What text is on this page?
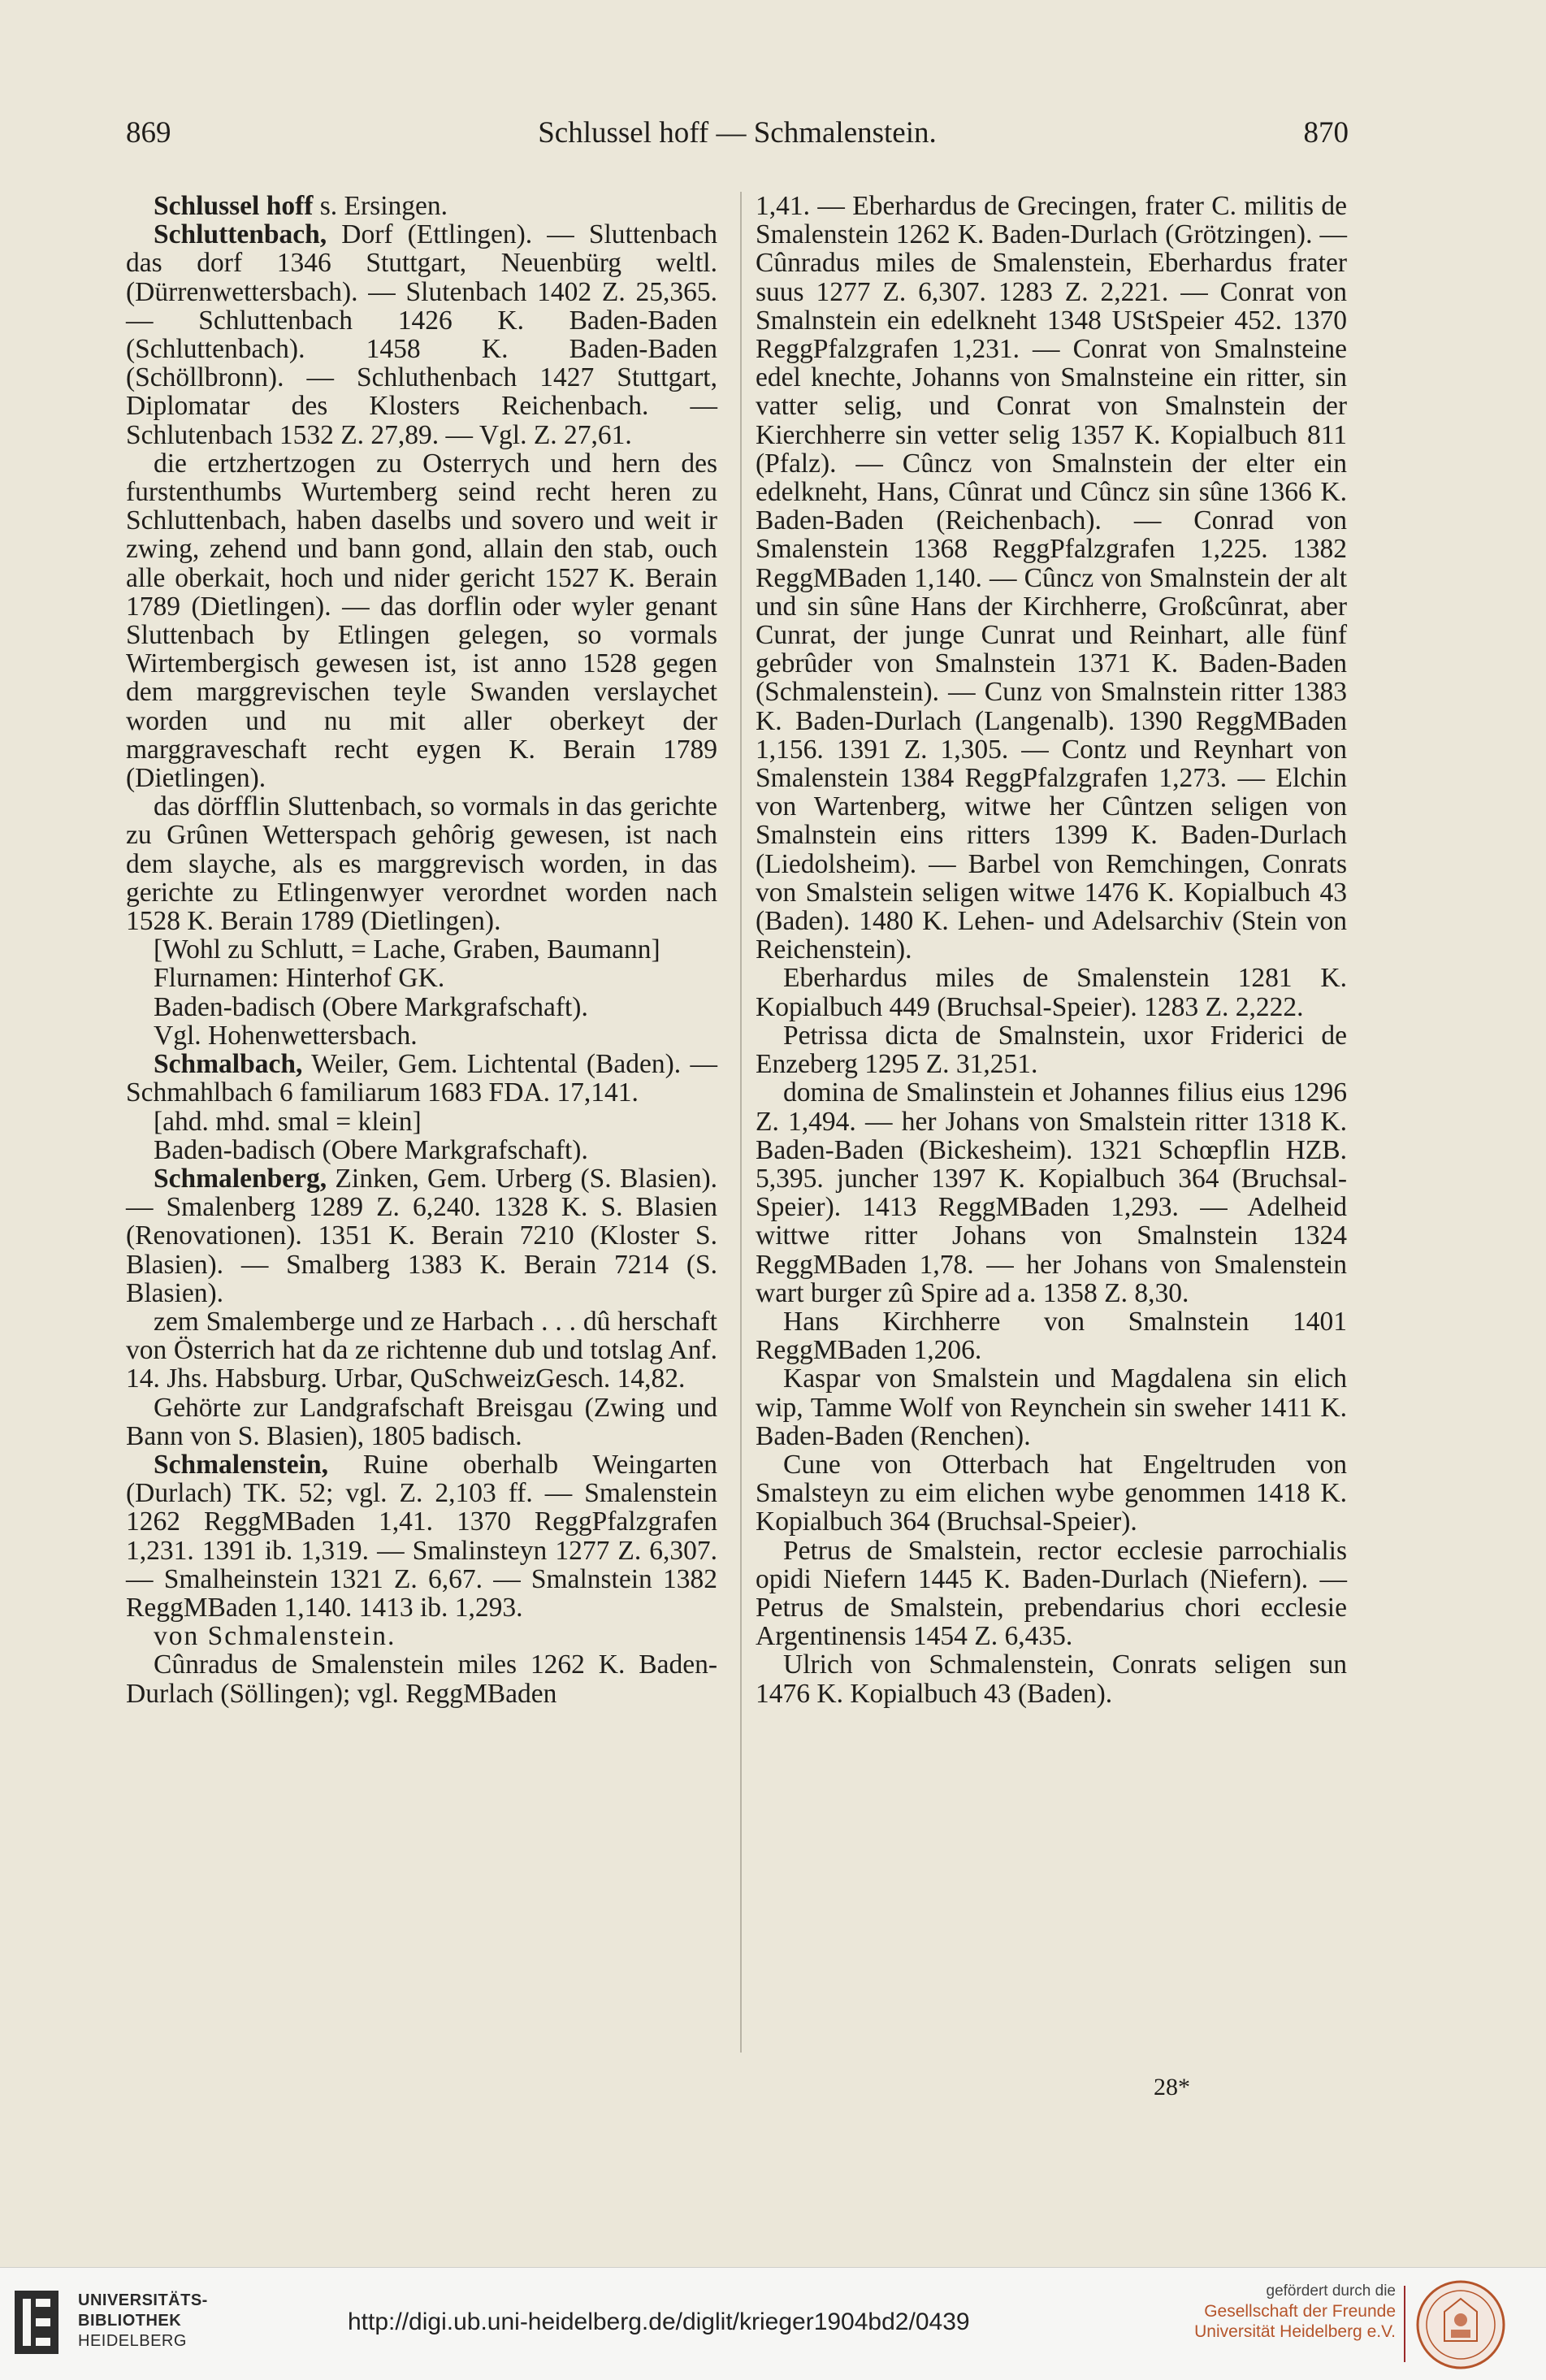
869	Schlussel hoff — Schmalenstein.	870

Schlussel hoff s. Ersingen.

Schluttenbach, Dorf (Ettlingen). — Sluttenbach das dorf 1346 Stuttgart, Neuenbürg weltl. (Dürrenwettersbach). — Slutenbach 1402 Z. 25,365. — Schluttenbach 1426 K. Baden-Baden (Schluttenbach). 1458 K. Baden-Baden (Schöllbronn). — Schluthenbach 1427 Stuttgart, Diplomatar des Klosters Reichenbach. — Schlutenbach 1532 Z. 27,89. — Vgl. Z. 27,61.

die ertzhertzogen zu Osterrych und hern des furstenthumbs Wurtemberg seind recht heren zu Schluttenbach, haben daselbs und sovero und weit ir zwing, zehend und bann gond, allain den stab, ouch alle oberkait, hoch und nider gericht 1527 K. Berain 1789 (Dietlingen). — das dorflin oder wyler genant Sluttenbach by Etlingen gelegen, so vormals Wirtembergisch gewesen ist, ist anno 1528 gegen dem marggrevischen teyle Swanden verslaychet worden und nu mit aller oberkeyt der marggraveschaft recht eygen K. Berain 1789 (Dietlingen).

das dörfflin Sluttenbach, so vormals in das gerichte zu Grûnen Wetterspach gehôrig gewesen, ist nach dem slayche, als es marggrevisch worden, in das gerichte zu Etlingenwyer verordnet worden nach 1528 K. Berain 1789 (Dietlingen).

[Wohl zu Schlutt, = Lache, Graben, Baumann]

Flurnamen: Hinterhof GK.

Baden-badisch (Obere Markgrafschaft).

Vgl. Hohenwettersbach.

Schmalbach, Weiler, Gem. Lichtental (Baden). — Schmahlbach 6 familiarum 1683 FDA. 17,141.

[ahd. mhd. smal = klein]

Baden-badisch (Obere Markgrafschaft).

Schmalenberg, Zinken, Gem. Urberg (S. Blasien). — Smalenberg 1289 Z. 6,240. 1328 K. S. Blasien (Renovationen). 1351 K. Berain 7210 (Kloster S. Blasien). — Smalberg 1383 K. Berain 7214 (S. Blasien).

zem Smalemberge und ze Harbach . . . dû herschaft von Österrich hat da ze richtenne dub und totslag Anf. 14. Jhs. Habsburg. Urbar, QuSchweizGesch. 14,82.

Gehörte zur Landgrafschaft Breisgau (Zwing und Bann von S. Blasien), 1805 badisch.

Schmalenstein, Ruine oberhalb Weingarten (Durlach) TK. 52; vgl. Z. 2,103 ff. — Smalenstein 1262 ReggMBaden 1,41. 1370 ReggPfalzgrafen 1,231. 1391 ib. 1,319. — Smalinsteyn 1277 Z. 6,307. — Smalheinstein 1321 Z. 6,67. — Smalnstein 1382 ReggMBaden 1,140. 1413 ib. 1,293.

von Schmalenstein.

Cûnradus de Smalenstein miles 1262 K. Baden-Durlach (Söllingen); vgl. ReggMBaden

1,41. — Eberhardus de Grecingen, frater C. militis de Smalenstein 1262 K. Baden-Durlach (Grötzingen). — Cûnradus miles de Smalenstein, Eberhardus frater suus 1277 Z. 6,307. 1283 Z. 2,221. — Conrat von Smalnstein ein edelkneht 1348 UStSpeier 452. 1370 ReggPfalzgrafen 1,231. — Conrat von Smalnsteine edel knechte, Johanns von Smalnsteine ein ritter, sin vatter selig, und Conrat von Smalnstein der Kierchherre sin vetter selig 1357 K. Kopialbuch 811 (Pfalz). — Cûncz von Smalnstein der elter ein edelkneht, Hans, Cûnrat und Cûncz sin sûne 1366 K. Baden-Baden (Reichenbach). — Conrad von Smalenstein 1368 ReggPfalzgrafen 1,225. 1382 ReggMBaden 1,140. — Cûncz von Smalnstein der alt und sin sûne Hans der Kirchherre, Großcûnrat, aber Cunrat, der junge Cunrat und Reinhart, alle fünf gebrûder von Smalnstein 1371 K. Baden-Baden (Schmalenstein). — Cunz von Smalnstein ritter 1383 K. Baden-Durlach (Langenalb). 1390 ReggMBaden 1,156. 1391 Z. 1,305. — Contz und Reynhart von Smalenstein 1384 ReggPfalzgrafen 1,273. — Elchin von Wartenberg, witwe her Cûntzen seligen von Smalnstein eins ritters 1399 K. Baden-Durlach (Liedolsheim). — Barbel von Remchingen, Conrats von Smalstein seligen witwe 1476 K. Kopialbuch 43 (Baden). 1480 K. Lehen- und Adelsarchiv (Stein von Reichenstein).

Eberhardus miles de Smalenstein 1281 K. Kopialbuch 449 (Bruchsal-Speier). 1283 Z. 2,222.

Petrissa dicta de Smalnstein, uxor Friderici de Enzeberg 1295 Z. 31,251.

domina de Smalinstein et Johannes filius eius 1296 Z. 1,494. — her Johans von Smalstein ritter 1318 K. Baden-Baden (Bickesheim). 1321 Schœpflin HZB. 5,395. juncher 1397 K. Kopialbuch 364 (Bruchsal-Speier). 1413 ReggMBaden 1,293. — Adelheid wittwe ritter Johans von Smalnstein 1324 ReggMBaden 1,78. — her Johans von Smalenstein wart burger zû Spire ad a. 1358 Z. 8,30.

Hans Kirchherre von Smalnstein 1401 ReggMBaden 1,206.

Kaspar von Smalstein und Magdalena sin elich wip, Tamme Wolf von Reynchein sin sweher 1411 K. Baden-Baden (Renchen).

Cune von Otterbach hat Engeltruden von Smalsteyn zu eim elichen wybe genommen 1418 K. Kopialbuch 364 (Bruchsal-Speier).

Petrus de Smalstein, rector ecclesie parrochialis opidi Niefern 1445 K. Baden-Durlach (Niefern). — Petrus de Smalstein, prebendarius chori ecclesie Argentinensis 1454 Z. 6,435.

Ulrich von Schmalenstein, Conrats seligen sun 1476 K. Kopialbuch 43 (Baden).

28*
UNIVERSITÄTS-
BIBLIOTHEK
HEIDELBERG
http://digi.ub.uni-heidelberg.de/diglit/krieger1904bd2/0439
gefördert durch die
Gesellschaft der Freunde
Universität Heidelberg e.V.
